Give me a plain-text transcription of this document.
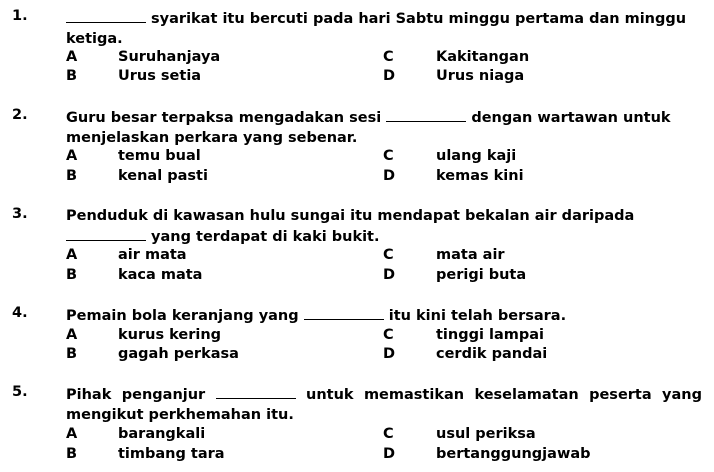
1.	syarikat itu bercuti pada hari Sabtu minggu pertama dan minggu ketiga.
A	Suruhanjaya	C	Kakitangan
B	Urus setia	D	Urus niaga
2.	Guru besar terpaksa mengadakan sesi	dengan wartawan untuk menjelaskan perkara yang sebenar.
A	temu bual	C	ulang kaji
B	kenal pasti	D	kemas kini
3.	Penduduk di kawasan hulu sungai itu mendapat bekalan air daripada  yang terdapat di kaki bukit.
A	air mata	C	mata air
B	kaca mata	D	perigi buta
4.	Pemain bola keranjang yang	itu kini telah bersara.
A	kurus kering	C	tinggi lampai
B	gagah perkasa	D	cerdik pandai
5.	Pihak penganjur	untuk memastikan keselamatan peserta yang mengikut perkhemahan itu.
A	barangkali	C	usul periksa
B	timbang tara	D	bertanggungjawab
